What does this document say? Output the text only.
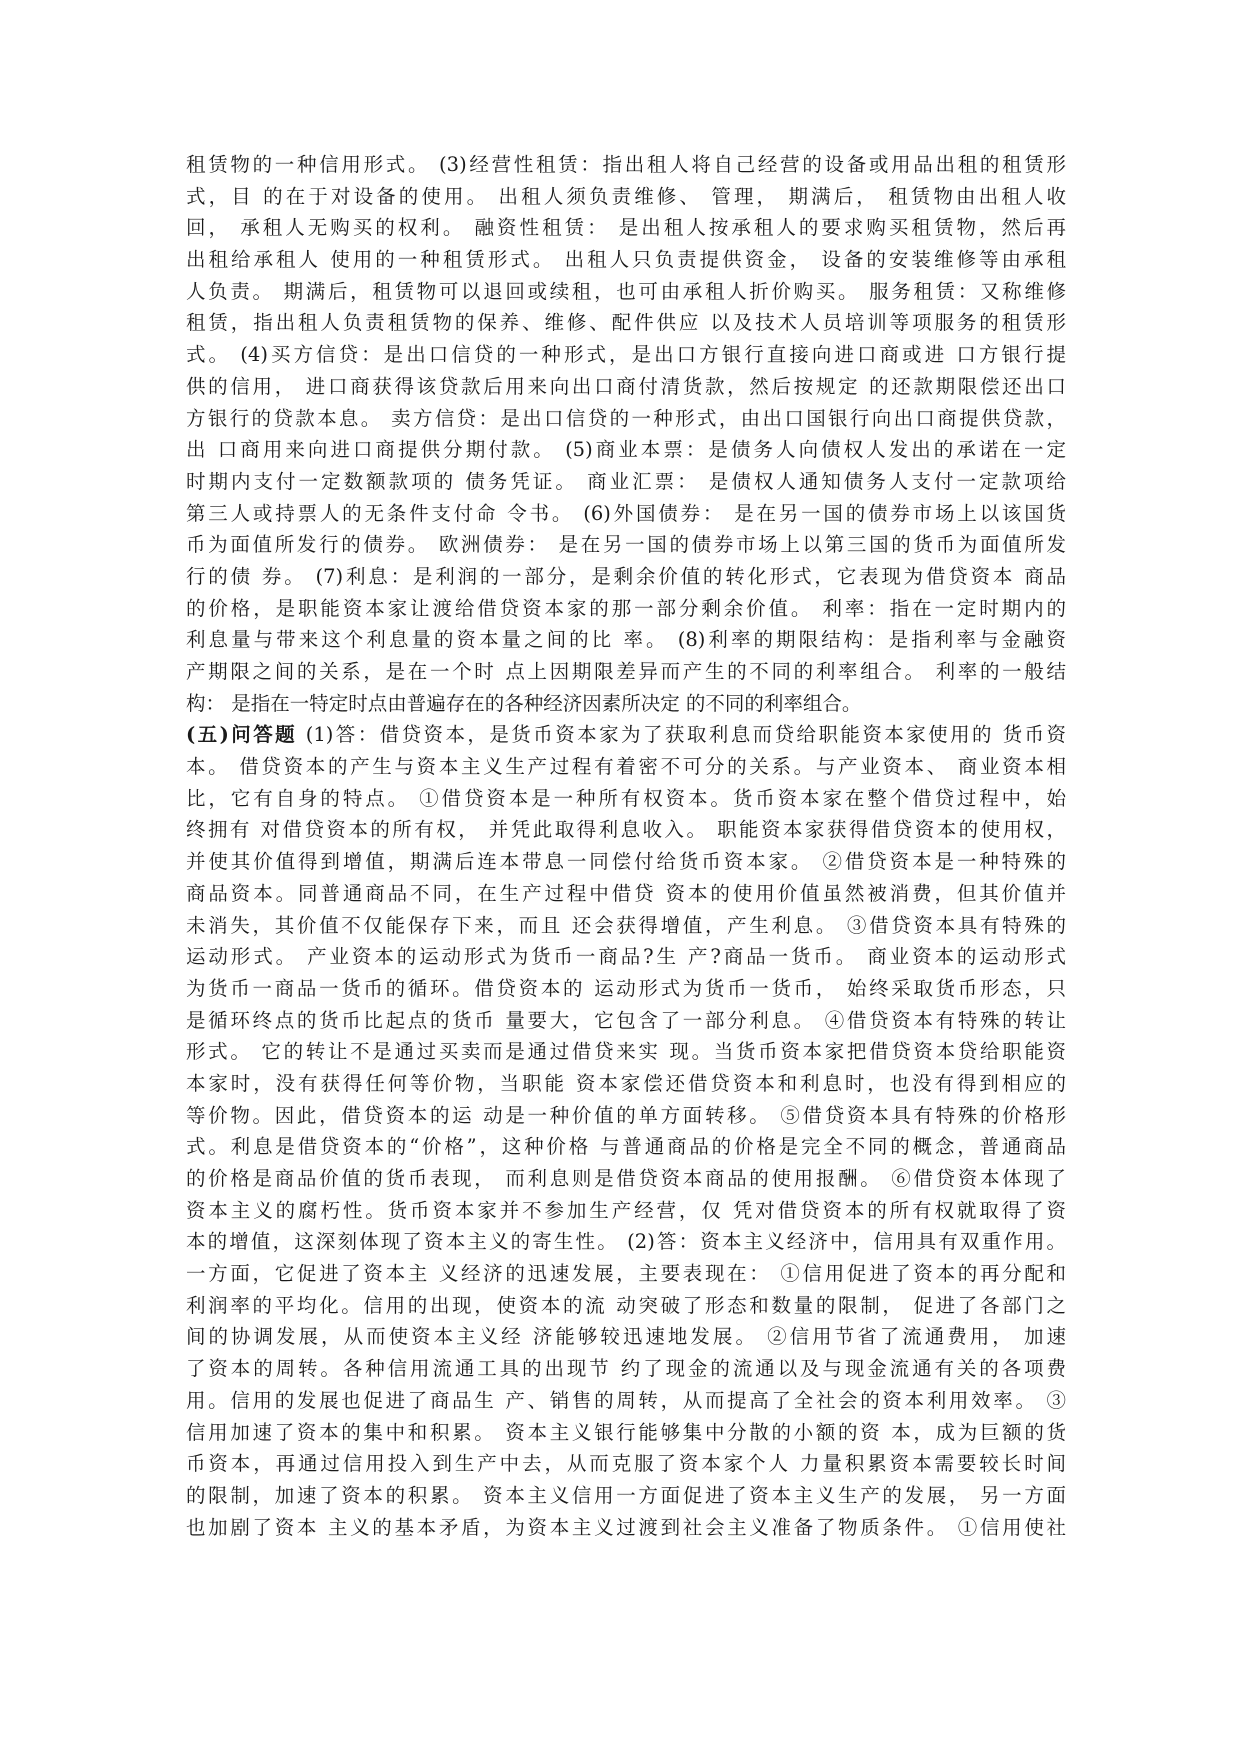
租赁物的一种信用形式。 (3)经营性租赁：指出租人将自己经营的设备或用品出租的租赁形
式，目 的在于对设备的使用。 出租人须负责维修、 管理， 期满后， 租赁物由出租人收
回， 承租人无购买的权利。 融资性租赁： 是出租人按承租人的要求购买租赁物，然后再
出租给承租人 使用的一种租赁形式。 出租人只负责提供资金， 设备的安装维修等由承租
人负责。 期满后，租赁物可以退回或续租，也可由承租人折价购买。 服务租赁：又称维修
租赁，指出租人负责租赁物的保养、维修、配件供应 以及技术人员培训等项服务的租赁形
式。 (4)买方信贷：是出口信贷的一种形式，是出口方银行直接向进口商或进 口方银行提
供的信用， 进口商获得该贷款后用来向出口商付清货款，然后按规定 的还款期限偿还出口
方银行的贷款本息。 卖方信贷：是出口信贷的一种形式，由出口国银行向出口商提供贷款，
出 口商用来向进口商提供分期付款。 (5)商业本票：是债务人向债权人发出的承诺在一定
时期内支付一定数额款项的 债务凭证。 商业汇票： 是债权人通知债务人支付一定款项给
第三人或持票人的无条件支付命 令书。 (6)外国债券： 是在另一国的债券市场上以该国货
币为面值所发行的债券。 欧洲债券： 是在另一国的债券市场上以第三国的货币为面值所发
行的债 券。 (7)利息：是利润的一部分，是剩余价值的转化形式，它表现为借贷资本 商品
的价格，是职能资本家让渡给借贷资本家的那一部分剩余价值。 利率：指在一定时期内的
利息量与带来这个利息量的资本量之间的比 率。 (8)利率的期限结构：是指利率与金融资
产期限之间的关系，是在一个时 点上因期限差异而产生的不同的利率组合。 利率的一般结
构： 是指在一特定时点由普遍存在的各种经济因素所决定 的不同的利率组合。
(五)问答题 (1)答：借贷资本，是货币资本家为了获取利息而贷给职能资本家使用的 货币资
本。 借贷资本的产生与资本主义生产过程有着密不可分的关系。与产业资本、 商业资本相
比，它有自身的特点。 ①借贷资本是一种所有权资本。货币资本家在整个借贷过程中，始
终拥有 对借贷资本的所有权， 并凭此取得利息收入。 职能资本家获得借贷资本的使用权，
并使其价值得到增值，期满后连本带息一同偿付给货币资本家。 ②借贷资本是一种特殊的
商品资本。同普通商品不同，在生产过程中借贷 资本的使用价值虽然被消费，但其价值并
未消失，其价值不仅能保存下来，而且 还会获得增值，产生利息。 ③借贷资本具有特殊的
运动形式。 产业资本的运动形式为货币一商品?生 产?商品一货币。 商业资本的运动形式
为货币一商品一货币的循环。借贷资本的 运动形式为货币一货币， 始终采取货币形态，只
是循环终点的货币比起点的货币 量要大，它包含了一部分利息。 ④借贷资本有特殊的转让
形式。 它的转让不是通过买卖而是通过借贷来实 现。当货币资本家把借贷资本贷给职能资
本家时，没有获得任何等价物，当职能 资本家偿还借贷资本和利息时，也没有得到相应的
等价物。因此，借贷资本的运 动是一种价值的单方面转移。 ⑤借贷资本具有特殊的价格形
式。利息是借贷资本的“价格”，这种价格 与普通商品的价格是完全不同的概念，普通商品
的价格是商品价值的货币表现， 而利息则是借贷资本商品的使用报酬。 ⑥借贷资本体现了
资本主义的腐朽性。货币资本家并不参加生产经营，仅 凭对借贷资本的所有权就取得了资
本的增值，这深刻体现了资本主义的寄生性。 (2)答：资本主义经济中，信用具有双重作用。
一方面，它促进了资本主 义经济的迅速发展，主要表现在： ①信用促进了资本的再分配和
利润率的平均化。信用的出现，使资本的流 动突破了形态和数量的限制， 促进了各部门之
间的协调发展，从而使资本主义经 济能够较迅速地发展。 ②信用节省了流通费用， 加速
了资本的周转。各种信用流通工具的出现节 约了现金的流通以及与现金流通有关的各项费
用。信用的发展也促进了商品生 产、销售的周转，从而提高了全社会的资本利用效率。 ③
信用加速了资本的集中和积累。 资本主义银行能够集中分散的小额的资 本，成为巨额的货
币资本，再通过信用投入到生产中去，从而克服了资本家个人 力量积累资本需要较长时间
的限制，加速了资本的积累。 资本主义信用一方面促进了资本主义生产的发展， 另一方面
也加剧了资本 主义的基本矛盾，为资本主义过渡到社会主义准备了物质条件。 ①信用使社
